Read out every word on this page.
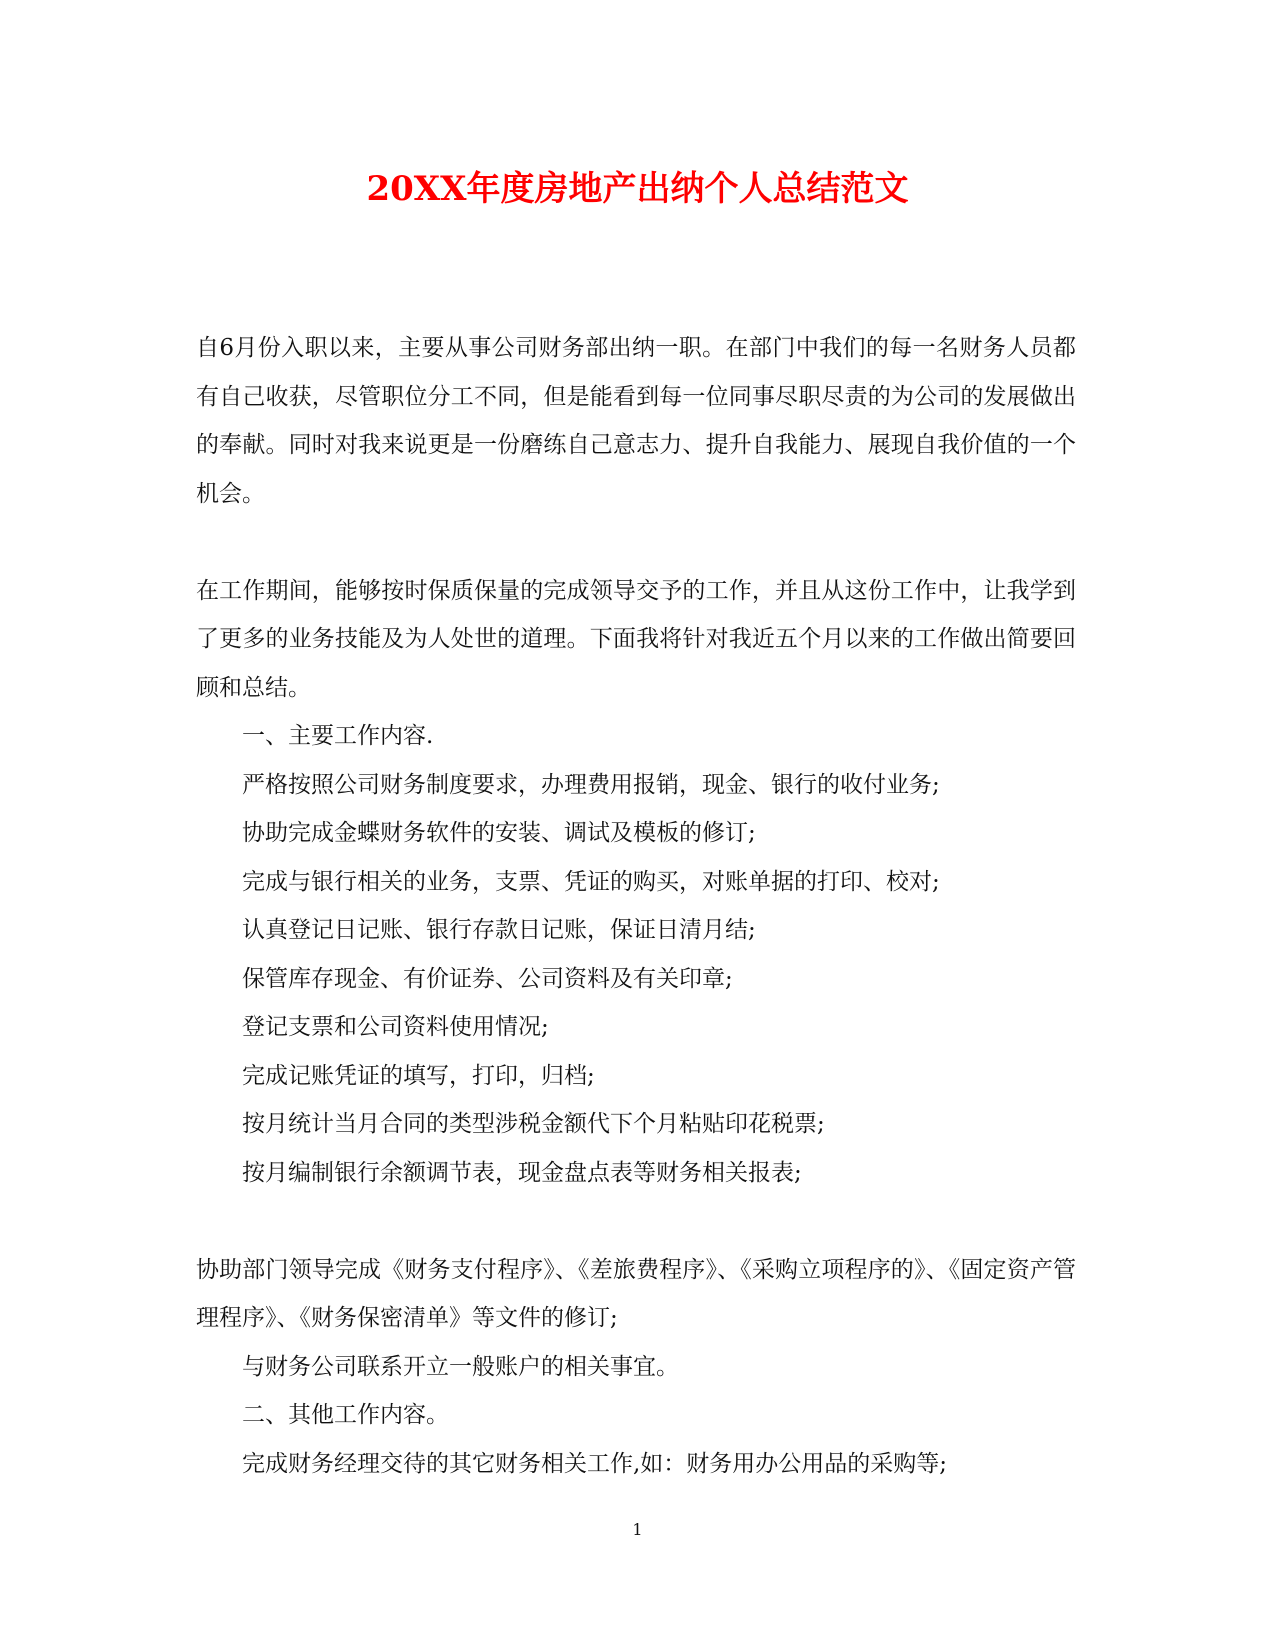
20XX年度房地产出纳个人总结范文

自6月份入职以来，主要从事公司财务部出纳一职。在部门中我们的每一名财务人员都有自己收获，尽管职位分工不同，但是能看到每一位同事尽职尽责的为公司的发展做出的奉献。同时对我来说更是一份磨练自己意志力、提升自我能力、展现自我价值的一个机会。

在工作期间，能够按时保质保量的完成领导交予的工作，并且从这份工作中，让我学到了更多的业务技能及为人处世的道理。下面我将针对我近五个月以来的工作做出简要回顾和总结。

一、主要工作内容.

严格按照公司财务制度要求，办理费用报销，现金、银行的收付业务;

协助完成金蝶财务软件的安装、调试及模板的修订;

完成与银行相关的业务，支票、凭证的购买，对账单据的打印、校对;

认真登记日记账、银行存款日记账，保证日清月结;

保管库存现金、有价证券、公司资料及有关印章;

登记支票和公司资料使用情况;

完成记账凭证的填写，打印，归档;

按月统计当月合同的类型涉税金额代下个月粘贴印花税票;

按月编制银行余额调节表，现金盘点表等财务相关报表;

协助部门领导完成《财务支付程序》、《差旅费程序》、《采购立项程序的》、《固定资产管理程序》、《财务保密清单》等文件的修订;

与财务公司联系开立一般账户的相关事宜。

二、其他工作内容。

完成财务经理交待的其它财务相关工作,如：财务用办公用品的采购等;

1
